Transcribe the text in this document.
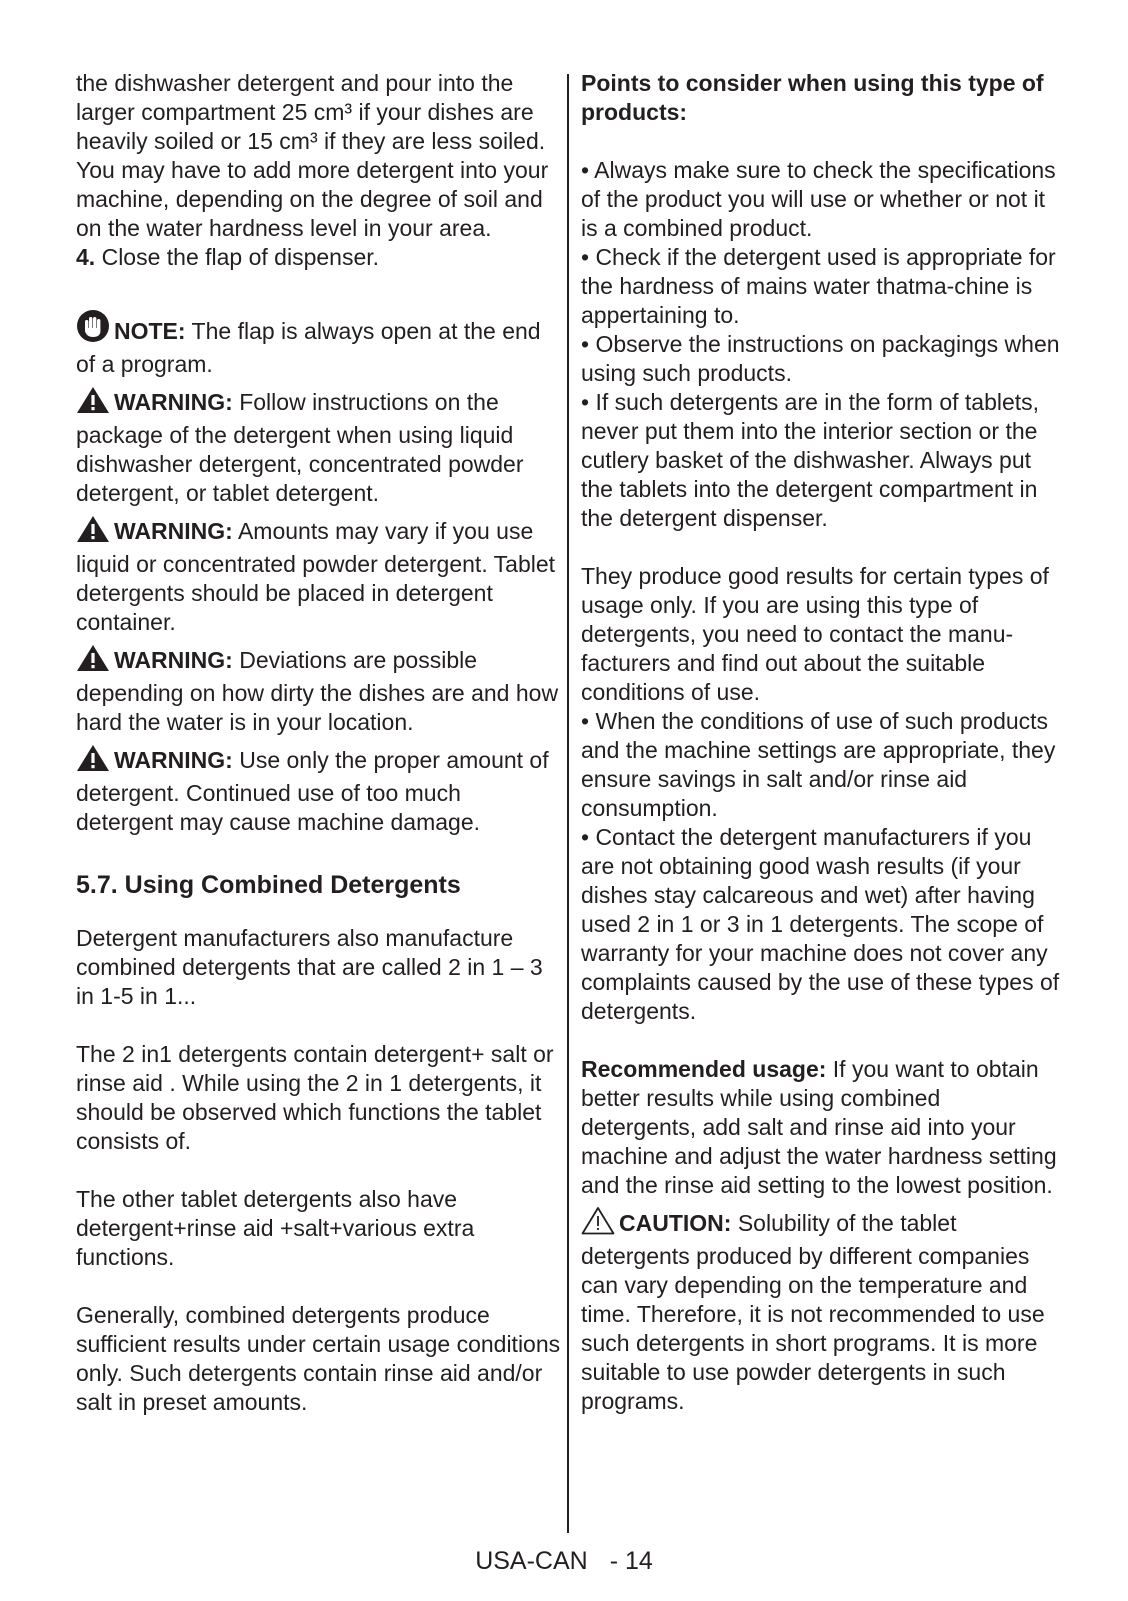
the dishwasher detergent and pour into the larger compartment 25 cm³ if your dishes are heavily soiled or 15 cm³ if they are less soiled. You may have to add more detergent into your machine, depending on the degree of soil and on the water hardness level in your area.

4. Close the flap of dispenser.

NOTE: The flap is always open at the end of a program.

WARNING: Follow instructions on the package of the detergent when using liquid dishwasher detergent, concentrated powder detergent, or tablet detergent.

WARNING: Amounts may vary if you use liquid or concentrated powder detergent. Tablet detergents should be placed in detergent container.

WARNING: Deviations are possible depending on how dirty the dishes are and how hard the water is in your location.

WARNING: Use only the proper amount of detergent. Continued use of too much detergent may cause machine damage.

5.7. Using Combined Detergents

Detergent manufacturers also manufacture combined detergents that are called 2 in 1 – 3 in 1-5 in 1...

The 2 in1 detergents contain detergent+ salt or rinse aid . While using the 2 in 1 detergents, it should be observed which functions the tablet consists of.

The other tablet detergents also have detergent+rinse aid +salt+various extra functions.

Generally, combined detergents produce sufficient results under certain usage conditions only. Such detergents contain rinse aid and/or salt in preset amounts.

Points to consider when using this type of products:

• Always make sure to check the specifications of the product you will use or whether or not it is a combined product.

• Check if the detergent used is appropriate for the hardness of mains water thatma-chine is appertaining to.

• Observe the instructions on packagings when using such products.

• If such detergents are in the form of tablets, never put them into the interior section or the cutlery basket of the dishwasher. Always put the tablets into the detergent compartment in the detergent dispenser.

They produce good results for certain types of usage only. If you are using this type of detergents, you need to contact the manu-facturers and find out about the suitable conditions of use.

• When the conditions of use of such products and the machine settings are appropriate, they ensure savings in salt and/or rinse aid consumption.

• Contact the detergent manufacturers if you are not obtaining good wash results (if your dishes stay calcareous and wet) after having used 2 in 1 or 3 in 1 detergents. The scope of warranty for your machine does not cover any complaints caused by the use of these types of detergents.

Recommended usage: If you want to obtain better results while using combined detergents, add salt and rinse aid into your machine and adjust the water hardness setting and the rinse aid setting to the lowest position.

CAUTION: Solubility of the tablet detergents produced by different companies can vary depending on the temperature and time. Therefore, it is not recommended to use such detergents in short programs. It is more suitable to use powder detergents in such programs.

USA-CAN - 14
